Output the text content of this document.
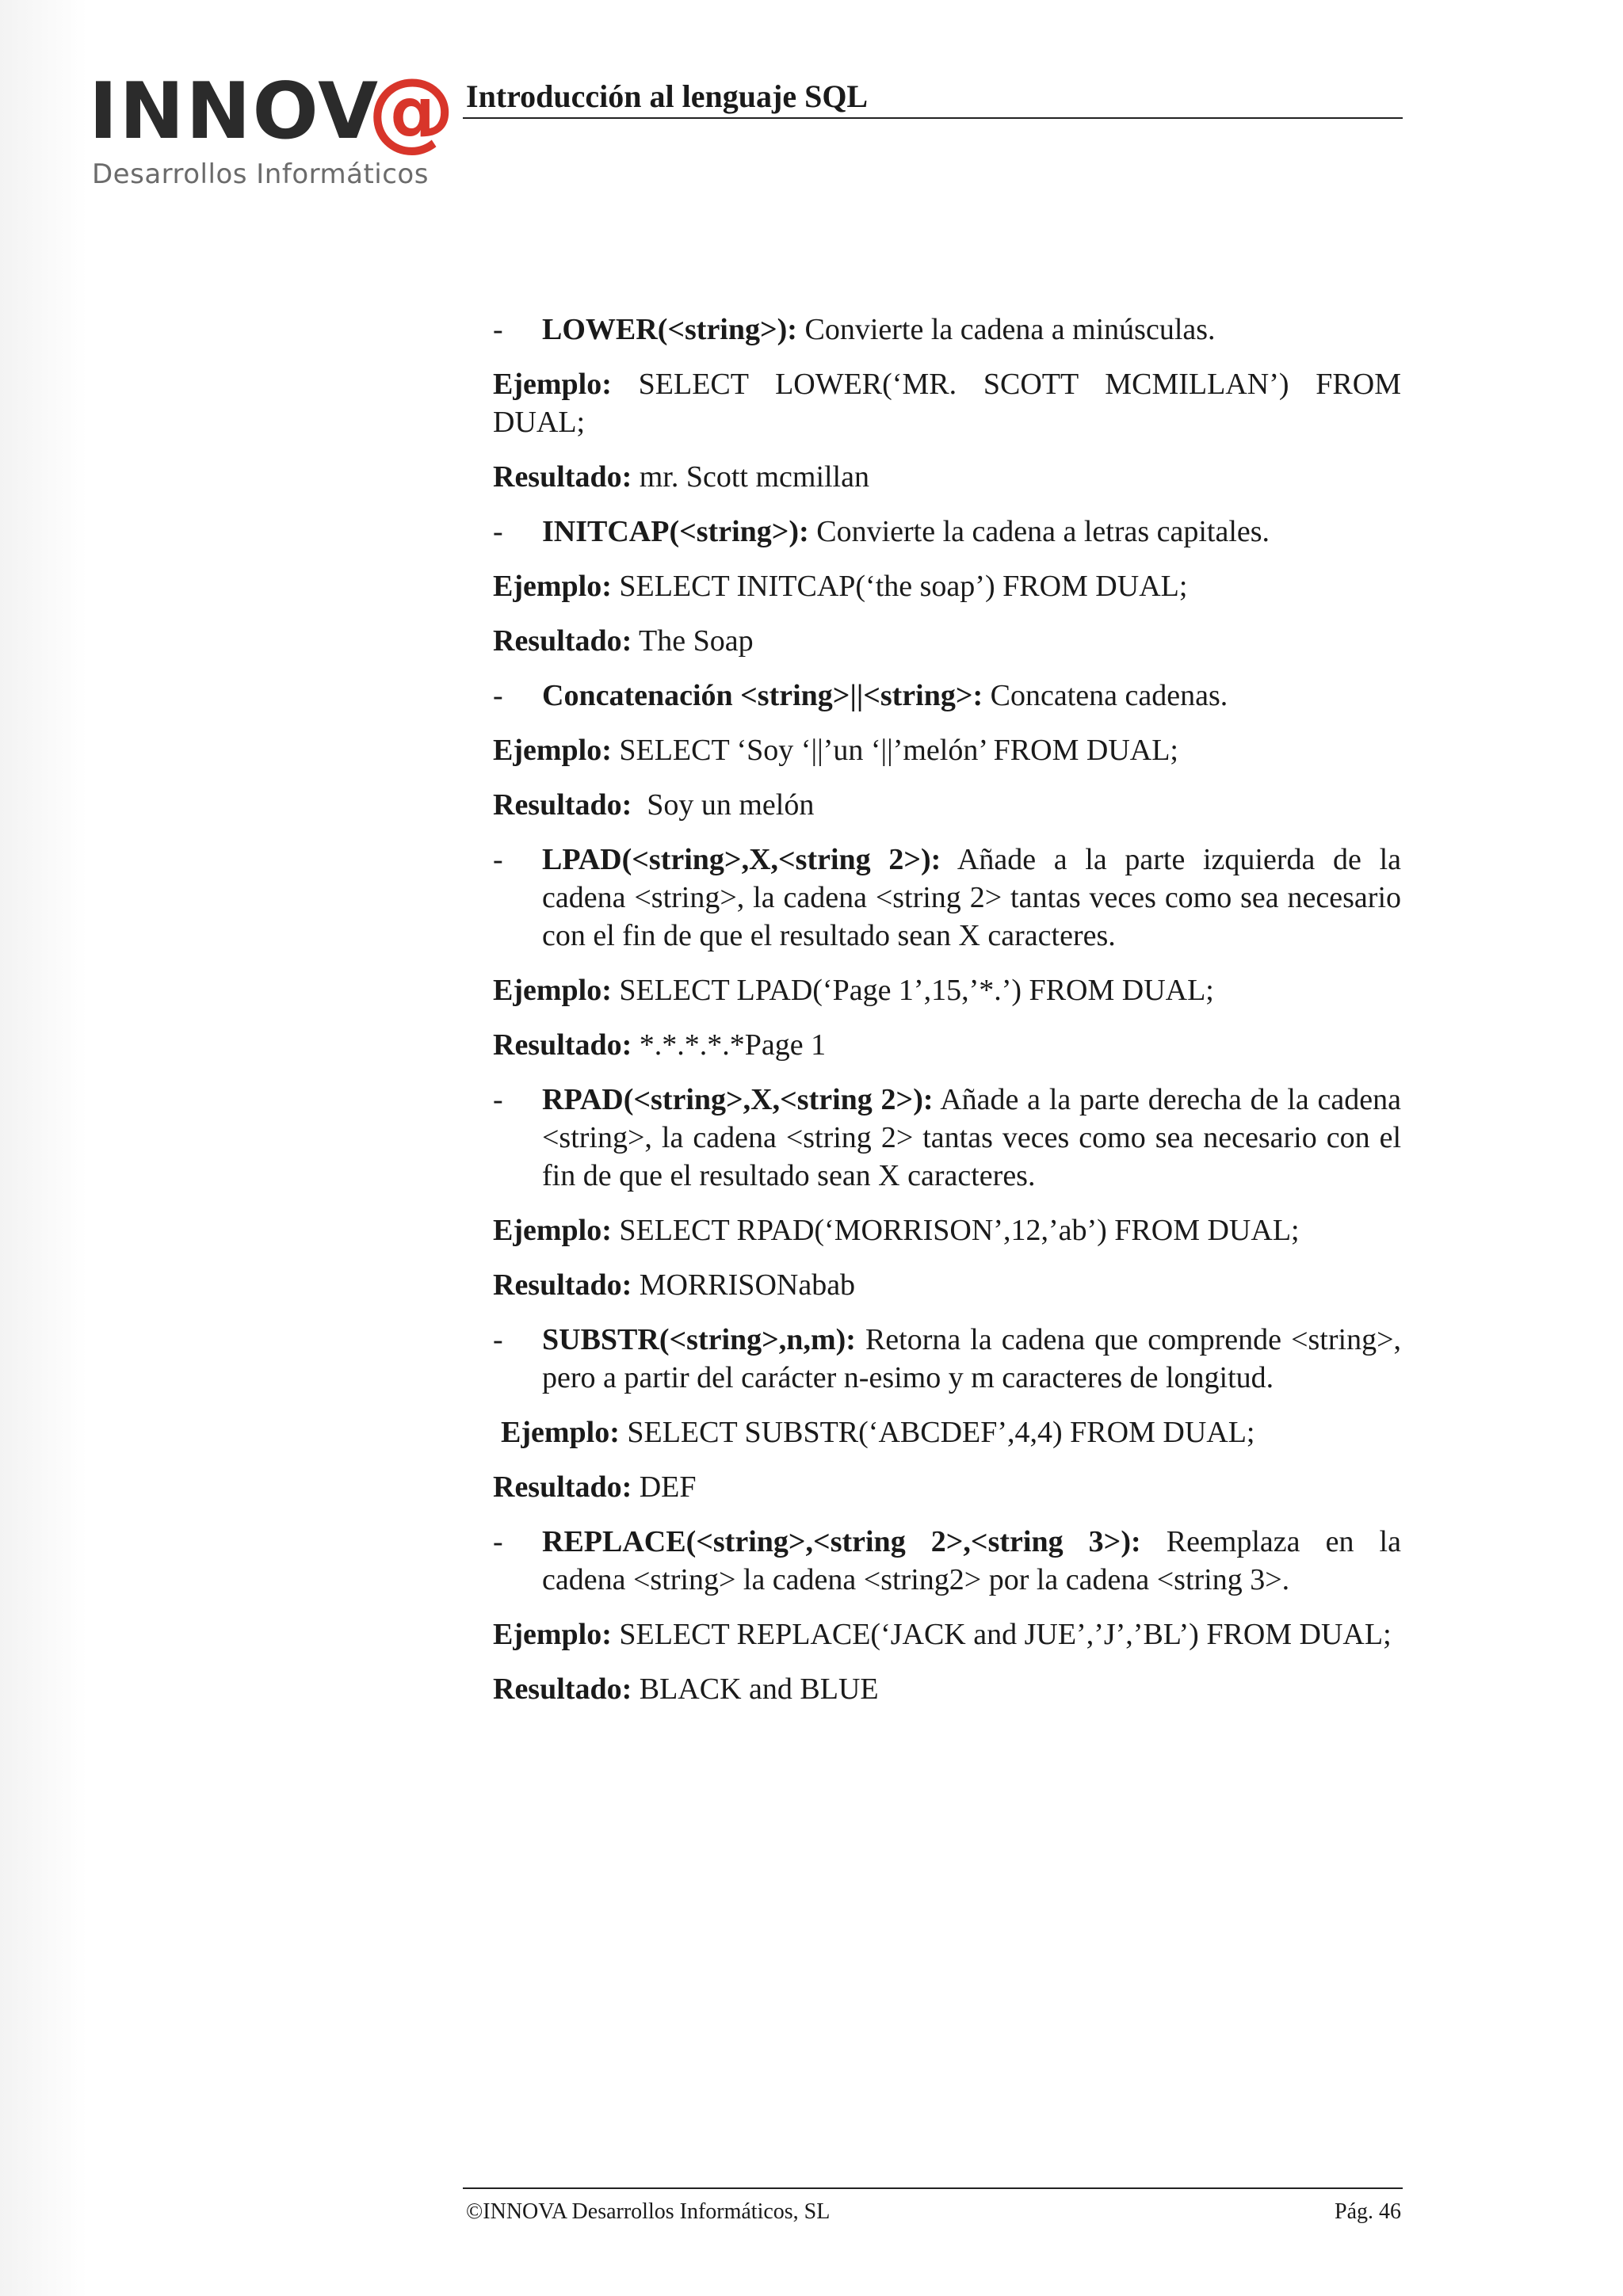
INNOV
@
Desarrollos Informáticos
Introducción al lenguaje SQL

- LOWER(<string>): Convierte la cadena a minúsculas.

Ejemplo: SELECT LOWER(‘MR. SCOTT MCMILLAN’) FROM DUAL;

Resultado: mr. Scott mcmillan

- INITCAP(<string>): Convierte la cadena a letras capitales.

Ejemplo: SELECT INITCAP(‘the soap’) FROM DUAL;

Resultado: The Soap

- Concatenación <string>||<string>: Concatena cadenas.

Ejemplo: SELECT ‘Soy ‘||’un ‘||’melón’ FROM DUAL;

Resultado:  Soy un melón

- LPAD(<string>,X,<string 2>): Añade a la parte izquierda de la cadena <string>, la cadena <string 2> tantas veces como sea necesario con el fin de que el resultado sean X caracteres.

Ejemplo: SELECT LPAD(‘Page 1’,15,’*.’) FROM DUAL;

Resultado: *.*.*.*.*Page 1

- RPAD(<string>,X,<string 2>): Añade a la parte derecha de la cadena <string>, la cadena <string 2> tantas veces como sea necesario con el fin de que el resultado sean X caracteres.

Ejemplo: SELECT RPAD(‘MORRISON’,12,’ab’) FROM DUAL;

Resultado: MORRISONabab

- SUBSTR(<string>,n,m): Retorna la cadena que comprende <string>, pero a partir del carácter n-esimo y m caracteres de longitud.

Ejemplo: SELECT SUBSTR(‘ABCDEF’,4,4) FROM DUAL;

Resultado: DEF

- REPLACE(<string>,<string 2>,<string 3>): Reemplaza en la cadena <string> la cadena <string2> por la cadena <string 3>.

Ejemplo: SELECT REPLACE(‘JACK and JUE’,’J’,’BL’) FROM DUAL;

Resultado: BLACK and BLUE

©INNOVA Desarrollos Informáticos, SL	Pág. 46
